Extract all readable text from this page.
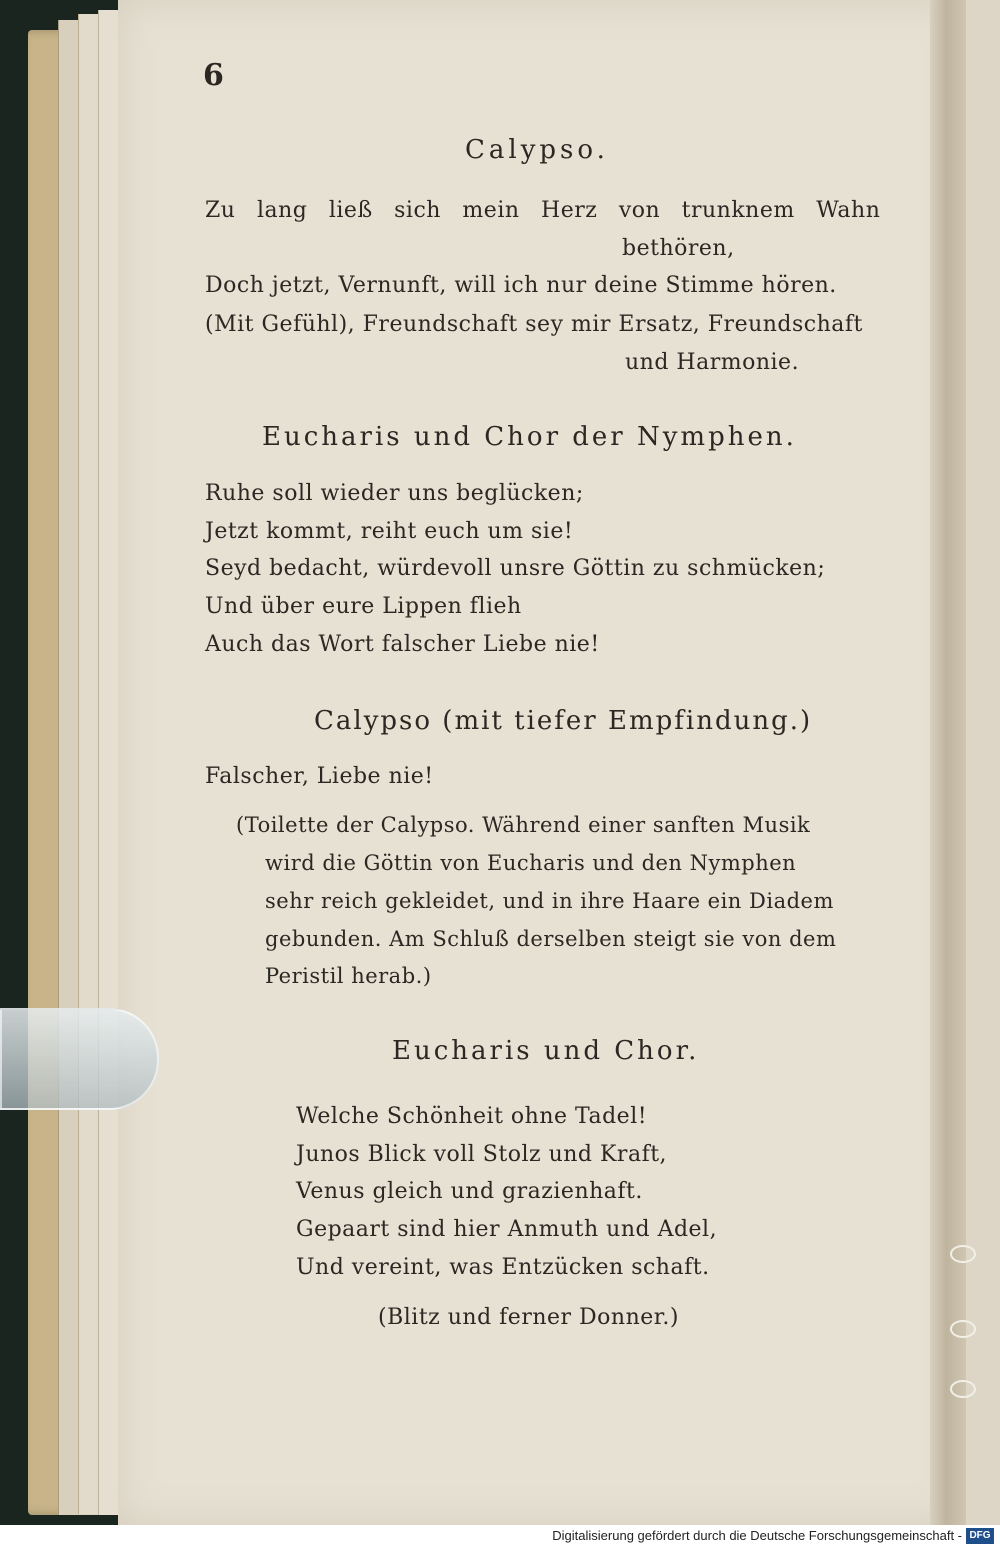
6
Calypso.
Zu lang ließ sich mein Herz von trunknem Wahn
bethören,
Doch jetzt, Vernunft, will ich nur deine Stimme hören.
(Mit Gefühl), Freundschaft sey mir Ersatz, Freundschaft
und Harmonie.
Eucharis und Chor der Nymphen.
Ruhe soll wieder uns beglücken;
Jetzt kommt, reiht euch um sie!
Seyd bedacht, würdevoll unsre Göttin zu schmücken;
Und über eure Lippen flieh
Auch das Wort falscher Liebe nie!
Calypso (mit tiefer Empfindung.)
Falscher, Liebe nie!
(Toilette der Calypso. Während einer sanften Musik
wird die Göttin von Eucharis und den Nymphen
sehr reich gekleidet, und in ihre Haare ein Diadem
gebunden. Am Schluß derselben steigt sie von dem
Peristil herab.)
Eucharis und Chor.
Welche Schönheit ohne Tadel!
Junos Blick voll Stolz und Kraft,
Venus gleich und grazienhaft.
Gepaart sind hier Anmuth und Adel,
Und vereint, was Entzücken schaft.
(Blitz und ferner Donner.)
Digitalisierung gefördert durch die Deutsche Forschungsgemeinschaft - DFG
